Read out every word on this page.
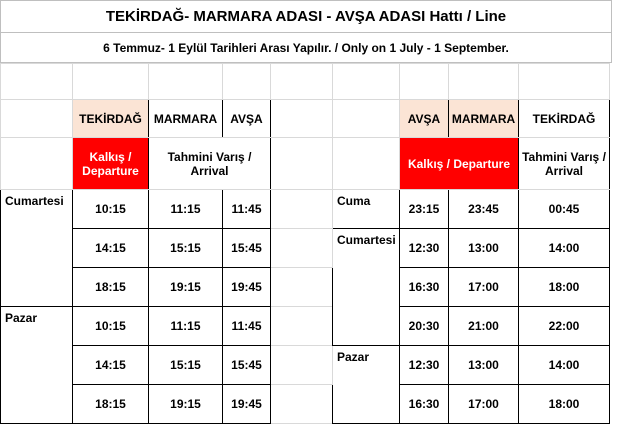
TEKİRDAĞ- MARMARA ADASI - AVŞA ADASI Hattı / Line
6 Temmuz- 1 Eylül Tarihleri Arası Yapılır. / Only on 1 July - 1 September.

	TEKİRDAĞ	MARMARA	AVŞA			AVŞA	MARMARA	TEKİRDAĞ
	Kalkış / Departure	Tahmini Varış / Arrival				Kalkış / Departure		Tahmini Varış / Arrival
Cumartesi	10:15	11:15	11:45		Cuma	23:15	23:45	00:45
	14:15	15:15	15:45		Cumartesi	12:30	13:00	14:00
	18:15	19:15	19:45			16:30	17:00	18:00
Pazar	10:15	11:15	11:45			20:30	21:00	22:00
	14:15	15:15	15:45		Pazar	12:30	13:00	14:00
	18:15	19:15	19:45			16:30	17:00	18:00
